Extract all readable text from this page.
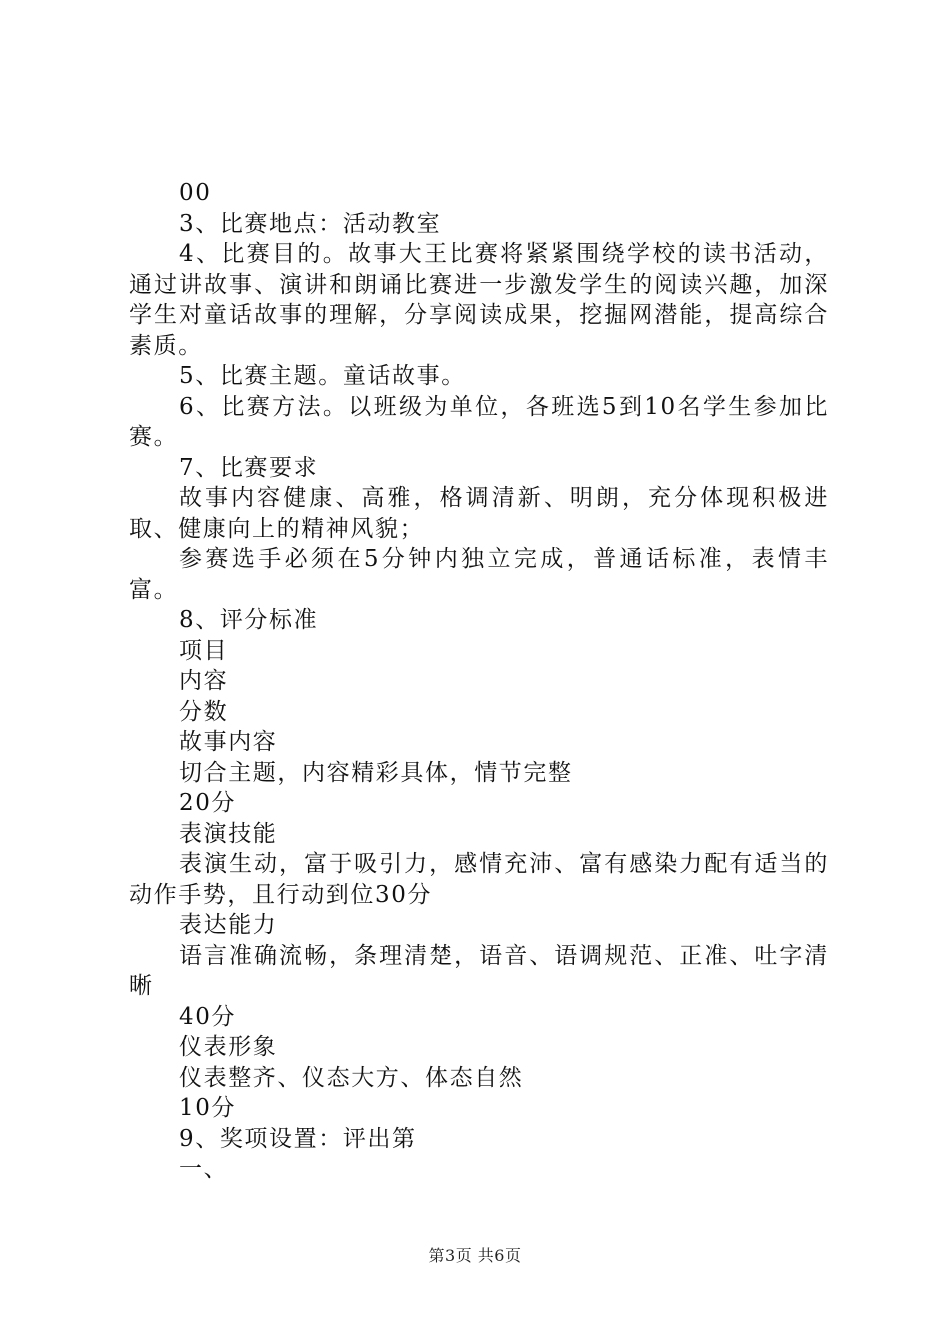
00

3、比赛地点：活动教室

4、比赛目的。故事大王比赛将紧紧围绕学校的读书活动，通过讲故事、演讲和朗诵比赛进一步激发学生的阅读兴趣，加深学生对童话故事的理解，分享阅读成果，挖掘网潜能，提高综合素质。

5、比赛主题。童话故事。

6、比赛方法。以班级为单位，各班选5到10名学生参加比赛。

7、比赛要求

故事内容健康、高雅，格调清新、明朗，充分体现积极进取、健康向上的精神风貌；

参赛选手必须在5分钟内独立完成，普通话标准，表情丰富。

8、评分标准

项目

内容

分数

故事内容

切合主题，内容精彩具体，情节完整

20分

表演技能

表演生动，富于吸引力，感情充沛、富有感染力配有适当的动作手势，且行动到位30分

表达能力

语言准确流畅，条理清楚，语音、语调规范、正准、吐字清晰

40分

仪表形象

仪表整齐、仪态大方、体态自然

10分

9、奖项设置：评出第

一、

第3页 共6页
